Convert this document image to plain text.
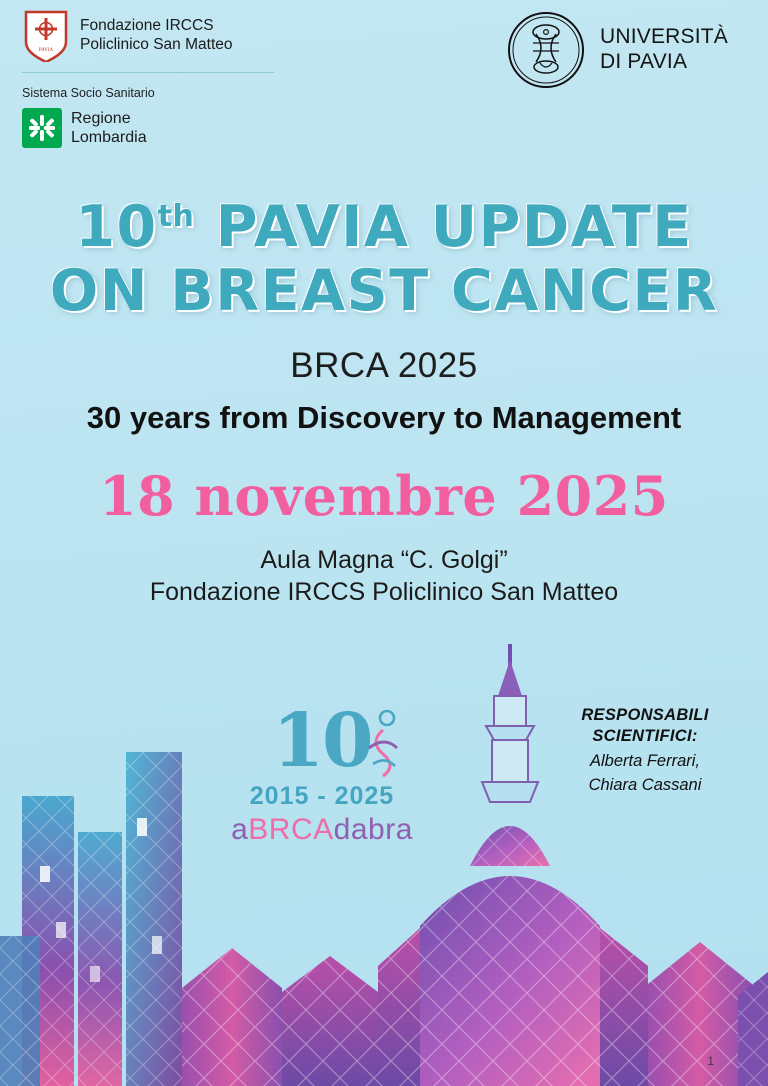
PAVIA
Fondazione IRCCS
Policlinico San Matteo
Sistema Socio Sanitario
Regione
Lombardia
UNIVERSITÀ
DI PAVIA
10th PAVIA UPDATE
ON BREAST CANCER
BRCA 2025
30 years from Discovery to Management
18 novembre 2025
Aula Magna “C. Golgi”
Fondazione IRCCS Policlinico San Matteo
10
2015 - 2025
aBRCAdabra
RESPONSABILI
SCIENTIFICI:
Alberta Ferrari,
Chiara Cassani
1
